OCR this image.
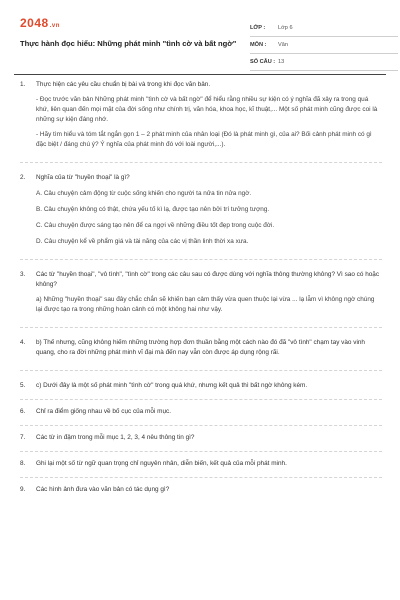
2048.vn
Thực hành đọc hiểu: Những phát minh "tình cờ và bất ngờ"
LỚP :	Lớp 6
MÔN :	Văn
SỐ CÂU : 13
1.	Thực hiện các yêu cầu chuẩn bị bài và trong khi đọc văn bản.

- Đọc trước văn bản Những phát minh "tình cờ và bất ngờ" để hiểu rằng nhiều sự kiện có ý nghĩa đã xảy ra trong quá khứ, liên quan đến mọi mặt của đời sống như chính trị, văn hóa, khoa học, kĩ thuật,... Một số phát minh cũng được coi là những sự kiện đáng nhớ.

- Hãy tìm hiểu và tóm tắt ngắn gọn 1 – 2 phát minh của nhân loại (Đó là phát minh gì, của ai? Bối cảnh phát minh có gì đặc biệt / đáng chú ý? Ý nghĩa của phát minh đó với loài người,...).

2.	Nghĩa của từ "huyền thoại" là gì?

A. Câu chuyện cảm động từ cuộc sống khiến cho người ta nửa tin nửa ngờ.

B. Câu chuyện không có thật, chứa yếu tố kì lạ, được tạo nên bởi trí tưởng tượng.

C. Câu chuyện được sáng tạo nên để ca ngợi về những điều tốt đẹp trong cuộc đời.

D. Câu chuyện kể về phẩm giá và tài năng của các vị thần linh thời xa xưa.

3.	Các từ "huyền thoại", "vô tình", "tình cờ" trong các câu sau có được dùng với nghĩa thông thường không? Vì sao có hoặc không?

a) Những "huyền thoại" sau đây chắc chắn sẽ khiến bạn cảm thấy vừa quen thuộc lại vừa ... lạ lẫm vì không ngờ chúng lại được tạo ra trong những hoàn cảnh có một không hai như vậy.

4.	b) Thế nhưng, cũng không hiếm những trường hợp đơn thuần bằng một cách nào đó đã "vô tình" chạm tay vào vinh quang, cho ra đời những phát minh vĩ đại mà đến nay vẫn còn được áp dụng rộng rãi.

5.	c) Dưới đây là một số phát minh "tình cờ" trong quá khứ, nhưng kết quả thì bất ngờ không kém.

6.	Chỉ ra điểm giống nhau về bố cục của mỗi mục.

7.	Các từ in đậm trong mỗi mục 1, 2, 3, 4 nêu thông tin gì?

8.	Ghi lại một số từ ngữ quan trọng chỉ nguyên nhân, diễn biến, kết quả của mỗi phát minh.

9.	Các hình ảnh đưa vào văn bản có tác dụng gì?
